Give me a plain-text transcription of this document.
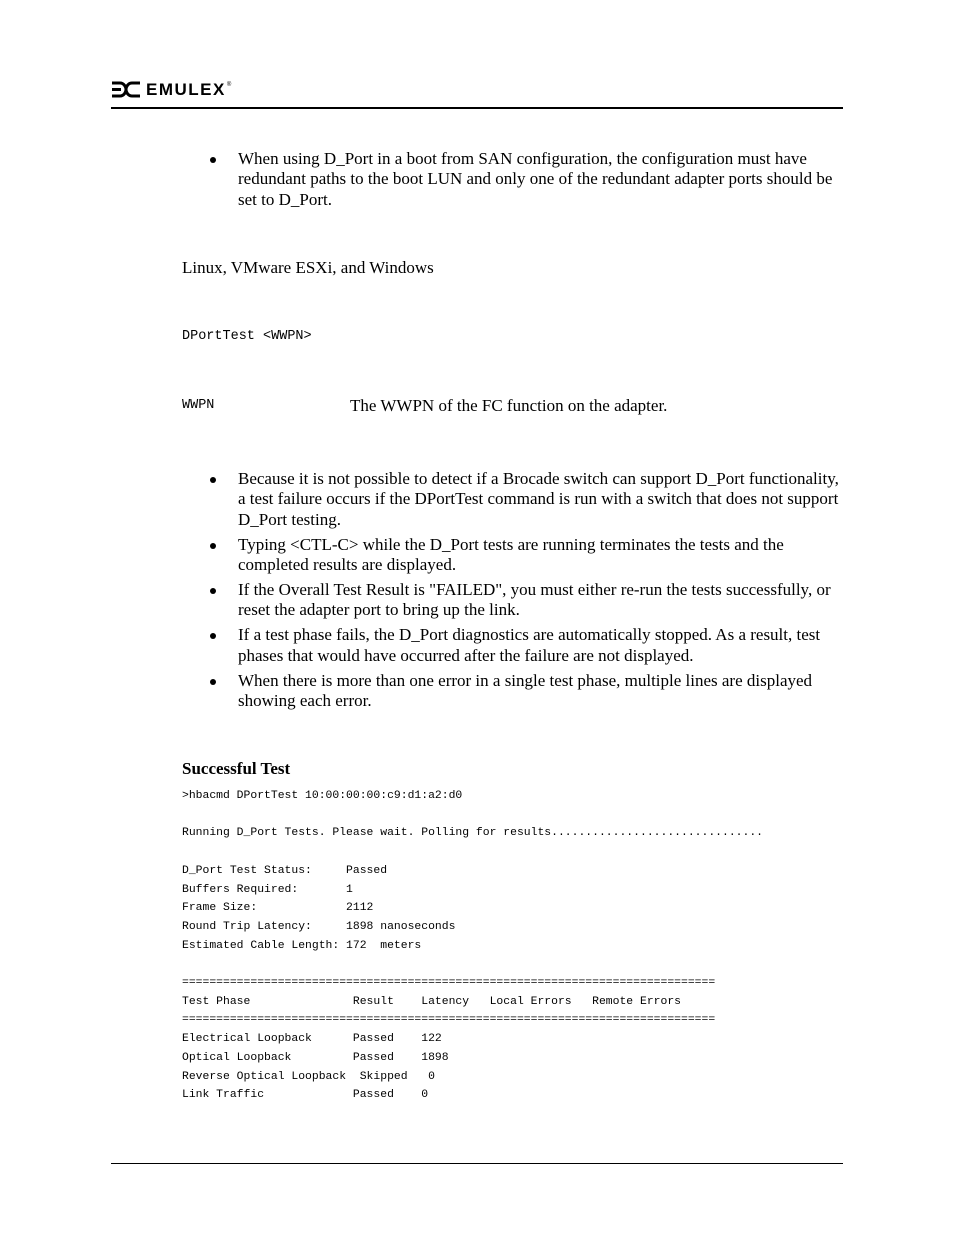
EMULEX ®
When using D_Port in a boot from SAN configuration, the configuration must have redundant paths to the boot LUN and only one of the redundant adapter ports should be set to D_Port.
Linux, VMware ESXi, and Windows
DPortTest <WWPN>
WWPN	The WWPN of the FC function on the adapter.
Because it is not possible to detect if a Brocade switch can support D_Port functionality, a test failure occurs if the DPortTest command is run with a switch that does not support D_Port testing.
Typing <CTL-C> while the D_Port tests are running terminates the tests and the completed results are displayed.
If the Overall Test Result is "FAILED", you must either re-run the tests successfully, or reset the adapter port to bring up the link.
If a test phase fails, the D_Port diagnostics are automatically stopped. As a result, test phases that would have occurred after the failure are not displayed.
When there is more than one error in a single test phase, multiple lines are displayed showing each error.
Successful Test
>hbacmd DPortTest 10:00:00:00:c9:d1:a2:d0

Running D_Port Tests. Please wait. Polling for results...............................

D_Port Test Status:     Passed
Buffers Required:       1
Frame Size:             2112
Round Trip Latency:     1898 nanoseconds
Estimated Cable Length: 172  meters

==============================================================================
Test Phase               Result    Latency   Local Errors   Remote Errors
==============================================================================
Electrical Loopback      Passed    122
Optical Loopback         Passed    1898
Reverse Optical Loopback  Skipped   0
Link Traffic             Passed    0
